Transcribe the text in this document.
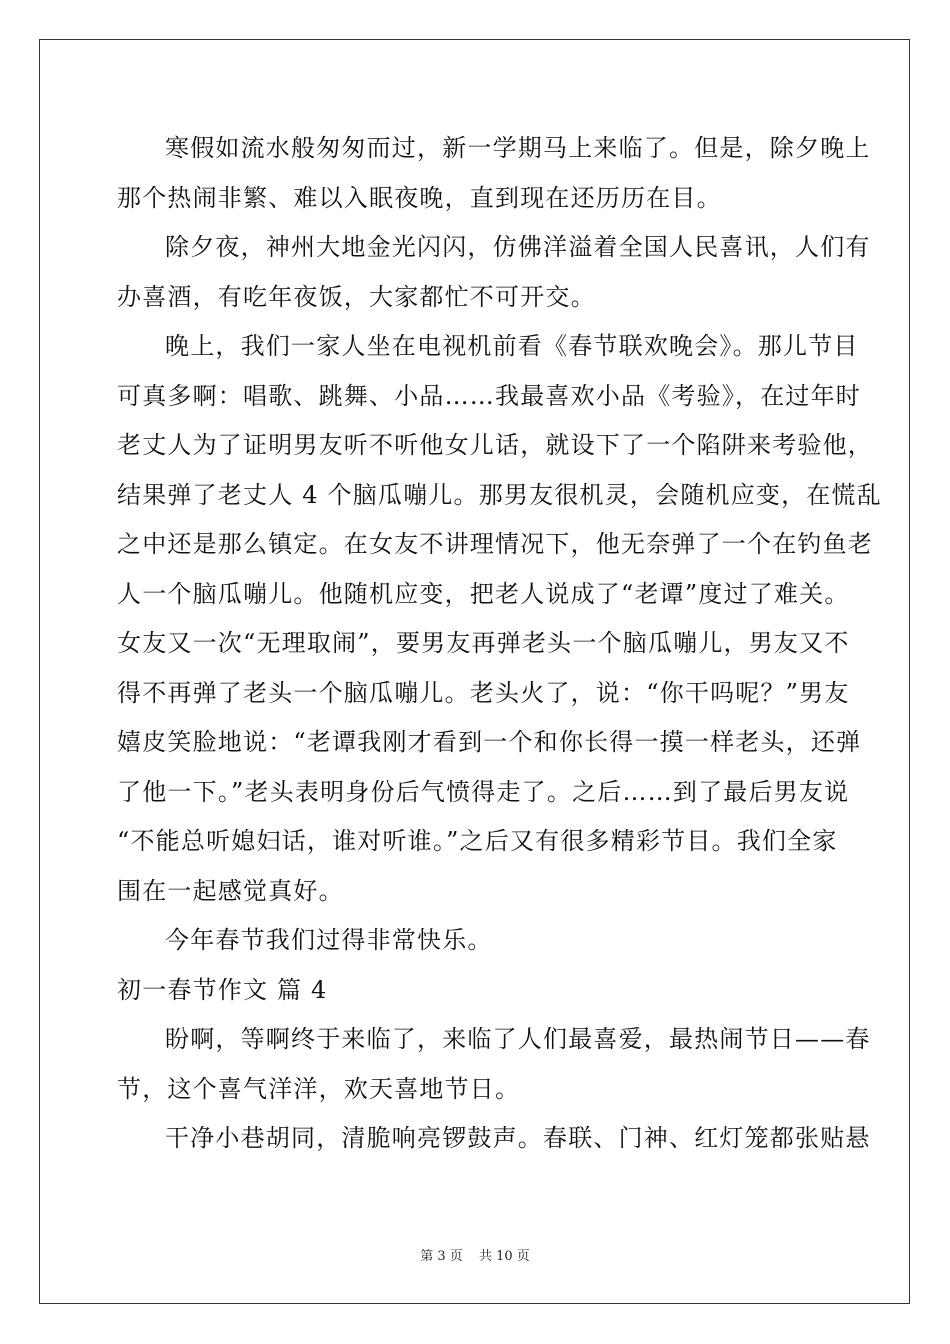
寒假如流水般匆匆而过，新一学期马上来临了。但是，除夕晚上
那个热闹非繁、难以入眠夜晚，直到现在还历历在目。
除夕夜，神州大地金光闪闪，仿佛洋溢着全国人民喜讯，人们有
办喜酒，有吃年夜饭，大家都忙不可开交。
晚上，我们一家人坐在电视机前看《春节联欢晚会》。那儿节目
可真多啊：唱歌、跳舞、小品……我最喜欢小品《考验》，在过年时
老丈人为了证明男友听不听他女儿话，就设下了一个陷阱来考验他，
结果弹了老丈人 4 个脑瓜嘣儿。那男友很机灵，会随机应变，在慌乱
之中还是那么镇定。在女友不讲理情况下，他无奈弹了一个在钓鱼老
人一个脑瓜嘣儿。他随机应变，把老人说成了“老谭”度过了难关。
女友又一次“无理取闹”，要男友再弹老头一个脑瓜嘣儿，男友又不
得不再弹了老头一个脑瓜嘣儿。老头火了，说：“你干吗呢？”男友
嬉皮笑脸地说：“老谭我刚才看到一个和你长得一摸一样老头，还弹
了他一下。”老头表明身份后气愤得走了。之后……到了最后男友说
“不能总听媳妇话，谁对听谁。”之后又有很多精彩节目。我们全家
围在一起感觉真好。
今年春节我们过得非常快乐。
初一春节作文 篇 4
盼啊，等啊终于来临了，来临了人们最喜爱，最热闹节日——春
节，这个喜气洋洋，欢天喜地节日。
干净小巷胡同，清脆响亮锣鼓声。春联、门神、红灯笼都张贴悬
第 3 页 共 10 页
